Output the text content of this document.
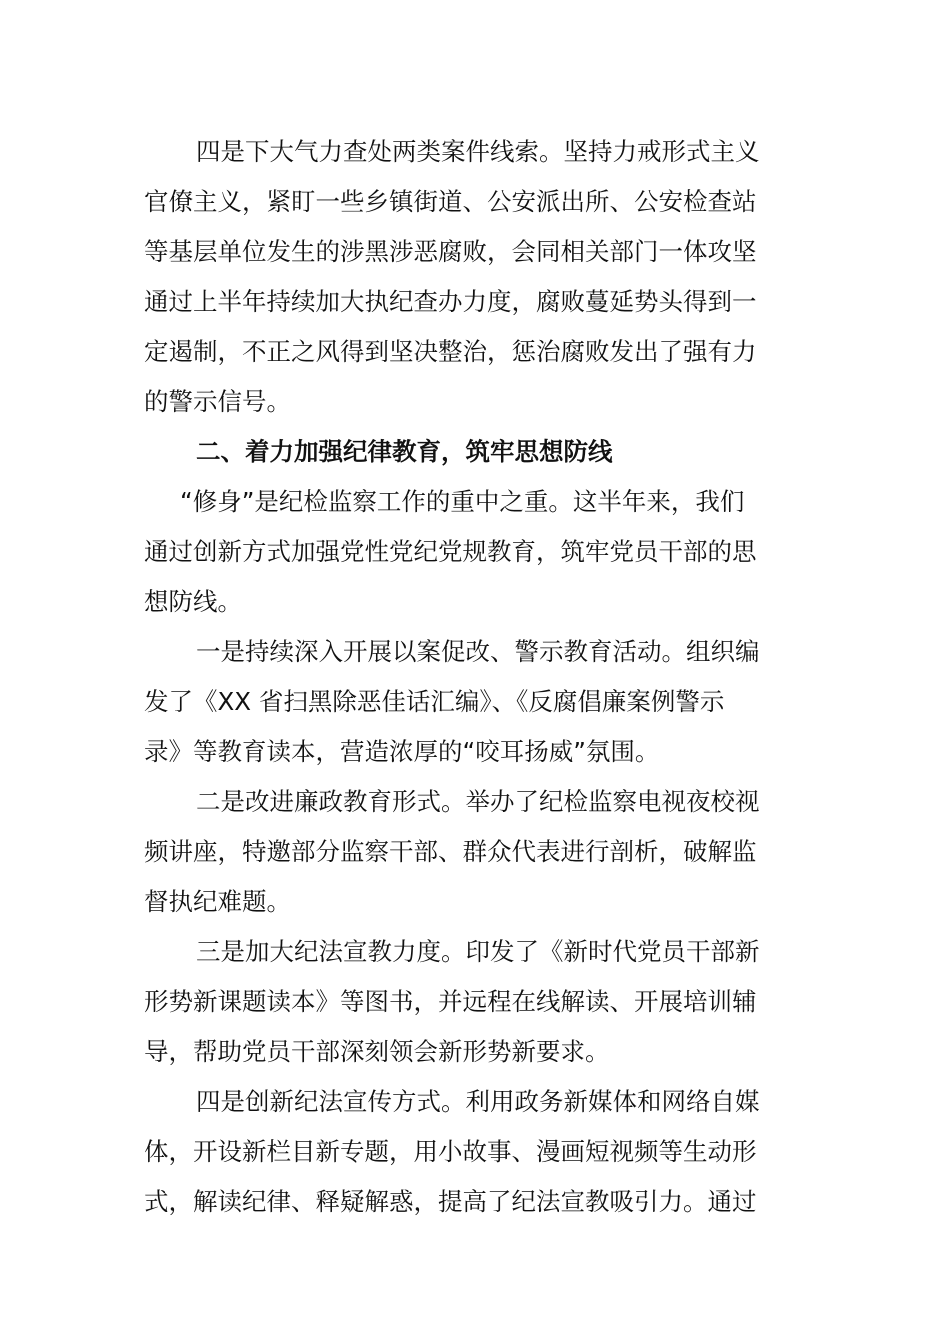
四是下大气力查处两类案件线索。坚持力戒形式主义
官僚主义，紧盯一些乡镇街道、公安派出所、公安检查站
等基层单位发生的涉黑涉恶腐败，会同相关部门一体攻坚
通过上半年持续加大执纪查办力度，腐败蔓延势头得到一
定遏制，不正之风得到坚决整治，惩治腐败发出了强有力
的警示信号。
二、着力加强纪律教育，筑牢思想防线
“修身”是纪检监察工作的重中之重。这半年来，我们
通过创新方式加强党性党纪党规教育，筑牢党员干部的思
想防线。
一是持续深入开展以案促改、警示教育活动。组织编
发了《XX 省扫黑除恶佳话汇编》、《反腐倡廉案例警示
录》等教育读本，营造浓厚的“咬耳扬威”氛围。
二是改进廉政教育形式。举办了纪检监察电视夜校视
频讲座，特邀部分监察干部、群众代表进行剖析，破解监
督执纪难题。
三是加大纪法宣教力度。印发了《新时代党员干部新
形势新课题读本》等图书，并远程在线解读、开展培训辅
导，帮助党员干部深刻领会新形势新要求。
四是创新纪法宣传方式。利用政务新媒体和网络自媒
体，开设新栏目新专题，用小故事、漫画短视频等生动形
式，解读纪律、释疑解惑，提高了纪法宣教吸引力。通过
